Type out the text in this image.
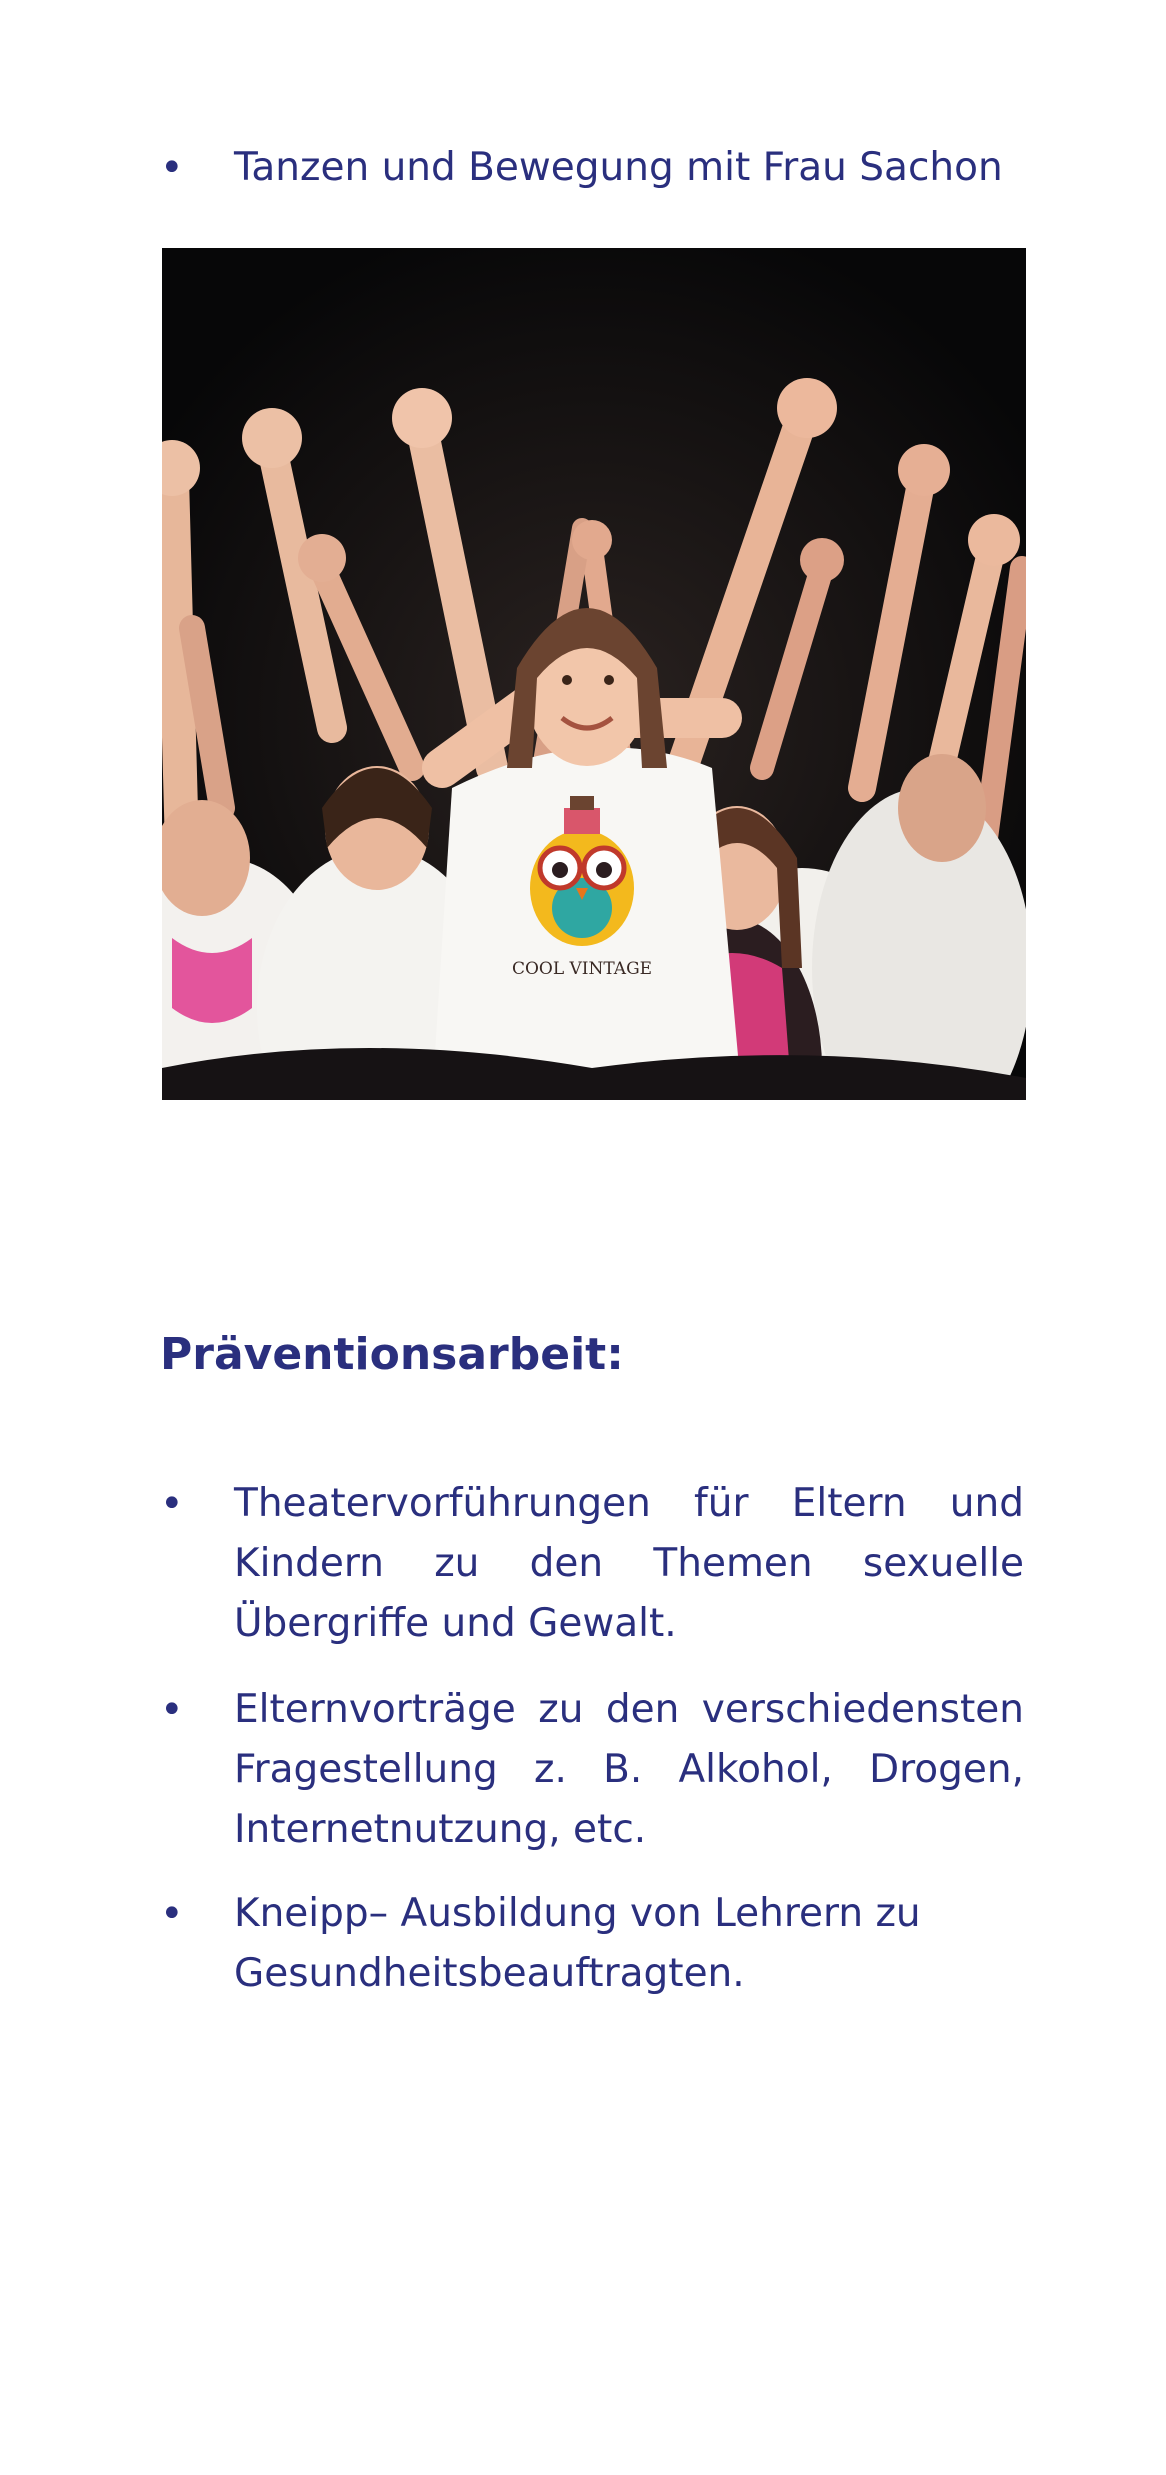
•	Tanzen und Bewegung mit Frau Sachon
COOL VINTAGE
Präventionsarbeit:
•	Theatervorführungen für Eltern und Kindern zu den Themen sexuelle Übergriffe und Gewalt.
•	Elternvorträge zu den verschiedensten Fragestellung z. B. Alkohol, Drogen, Internetnutzung, etc.
•	Kneipp– Ausbildung von Lehrern zu Gesundheitsbeauftragten.
